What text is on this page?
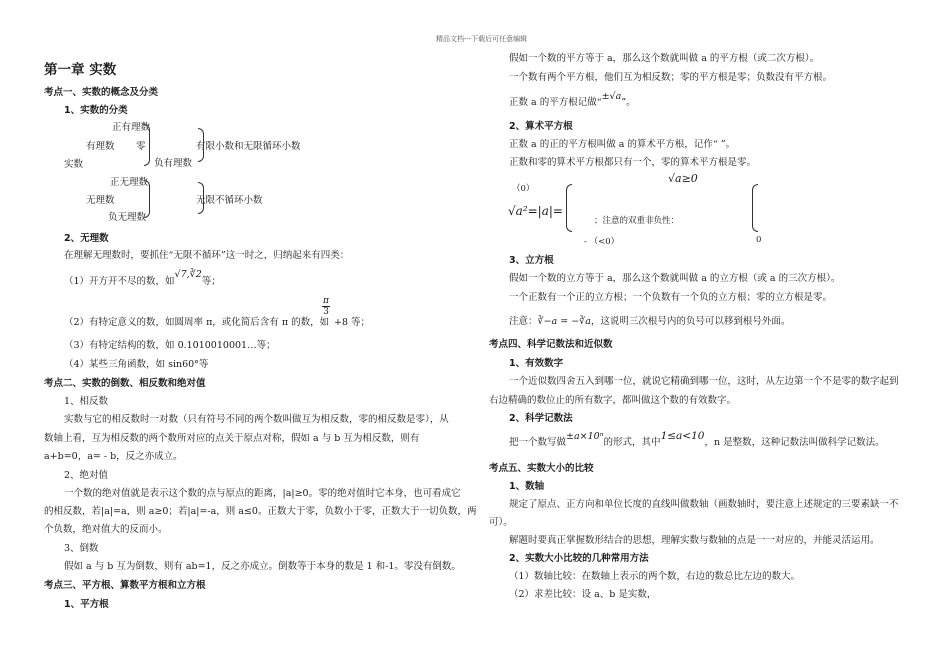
精品文档---下载后可任意编辑
第一章 实数
考点一、实数的概念及分类
1、实数的分类
正有理数
有理数 零
负有理数
有限小数和无限循环小数
实数
正无理数
无理数	无限不循环小数
负无理数
2、无理数
在理解无理数时，要抓住“无限不循环”这一时之，归纳起来有四类：
（1）开方开不尽的数，如√7,∛2等；
（2）有特定意义的数，如圆周率 π，或化简后含有 π 的数，如
$\frac{\pi}{3}$
+8 等；
（3）有特定结构的数，如 0.1010010001…等；
（4）某些三角函数，如 sin60°等
考点二、实数的倒数、相反数和绝对值
1、相反数
实数与它的相反数时一对数（只有符号不同的两个数叫做互为相反数，零的相反数是零），从
数轴上看，互为相反数的两个数所对应的点关于原点对称，假如 a 与 b 互为相反数，则有
a+b=0，a= - b，反之亦成立。
2、绝对值
一个数的绝对值就是表示这个数的点与原点的距离，|a|≥0。零的绝对值时它本身，也可看成它
的相反数，若|a|=a，则 a≥0；若|a|=-a，则 a≤0。正数大于零，负数小于零，正数大于一切负数，两
个负数，绝对值大的反而小。
3、倒数
假如 a 与 b 互为倒数，则有 ab=1，反之亦成立。倒数等于本身的数是 1 和-1。零没有倒数。
考点三、平方根、算数平方根和立方根
1、平方根
假如一个数的平方等于 a，那么这个数就叫做 a 的平方根（或二次方根）。
一个数有两个平方根，他们互为相反数；零的平方根是零；负数没有平方根。
正数 a 的平方根记做“±√a”。
2、算术平方根
正数 a 的正的平方根叫做 a 的算术平方根，记作“ ”。
正数和零的算术平方根都只有一个，零的算术平方根是零。
√a≥0
（0）
√a²=|a|=
；注意的双重非负性：
- （<0）	0
3、立方根
假如一个数的立方等于 a，那么这个数就叫做 a 的立方根（或 a 的三次方根）。
一个正数有一个正的立方根；一个负数有一个负的立方根；零的立方根是零。
注意：∛−a = −∛a，这说明三次根号内的负号可以移到根号外面。
考点四、科学记数法和近似数
1、有效数字
一个近似数四舍五入到哪一位，就说它精确到哪一位，这时，从左边第一个不是零的数字起到
右边精确的数位止的所有数字，都叫做这个数的有效数字。
2、科学记数法
把一个数写做±a×10ⁿ的形式，其中1≤a<10，n 是整数，这种记数法叫做科学记数法。
考点五、实数大小的比较
1、数轴
规定了原点、正方向和单位长度的直线叫做数轴（画数轴时，要注意上述规定的三要素缺一不
可）。
解题时要真正掌握数形结合的思想，理解实数与数轴的点是一一对应的，并能灵活运用。
2、实数大小比较的几种常用方法
（1）数轴比较：在数轴上表示的两个数，右边的数总比左边的数大。
（2）求差比较：设 a、b 是实数，
